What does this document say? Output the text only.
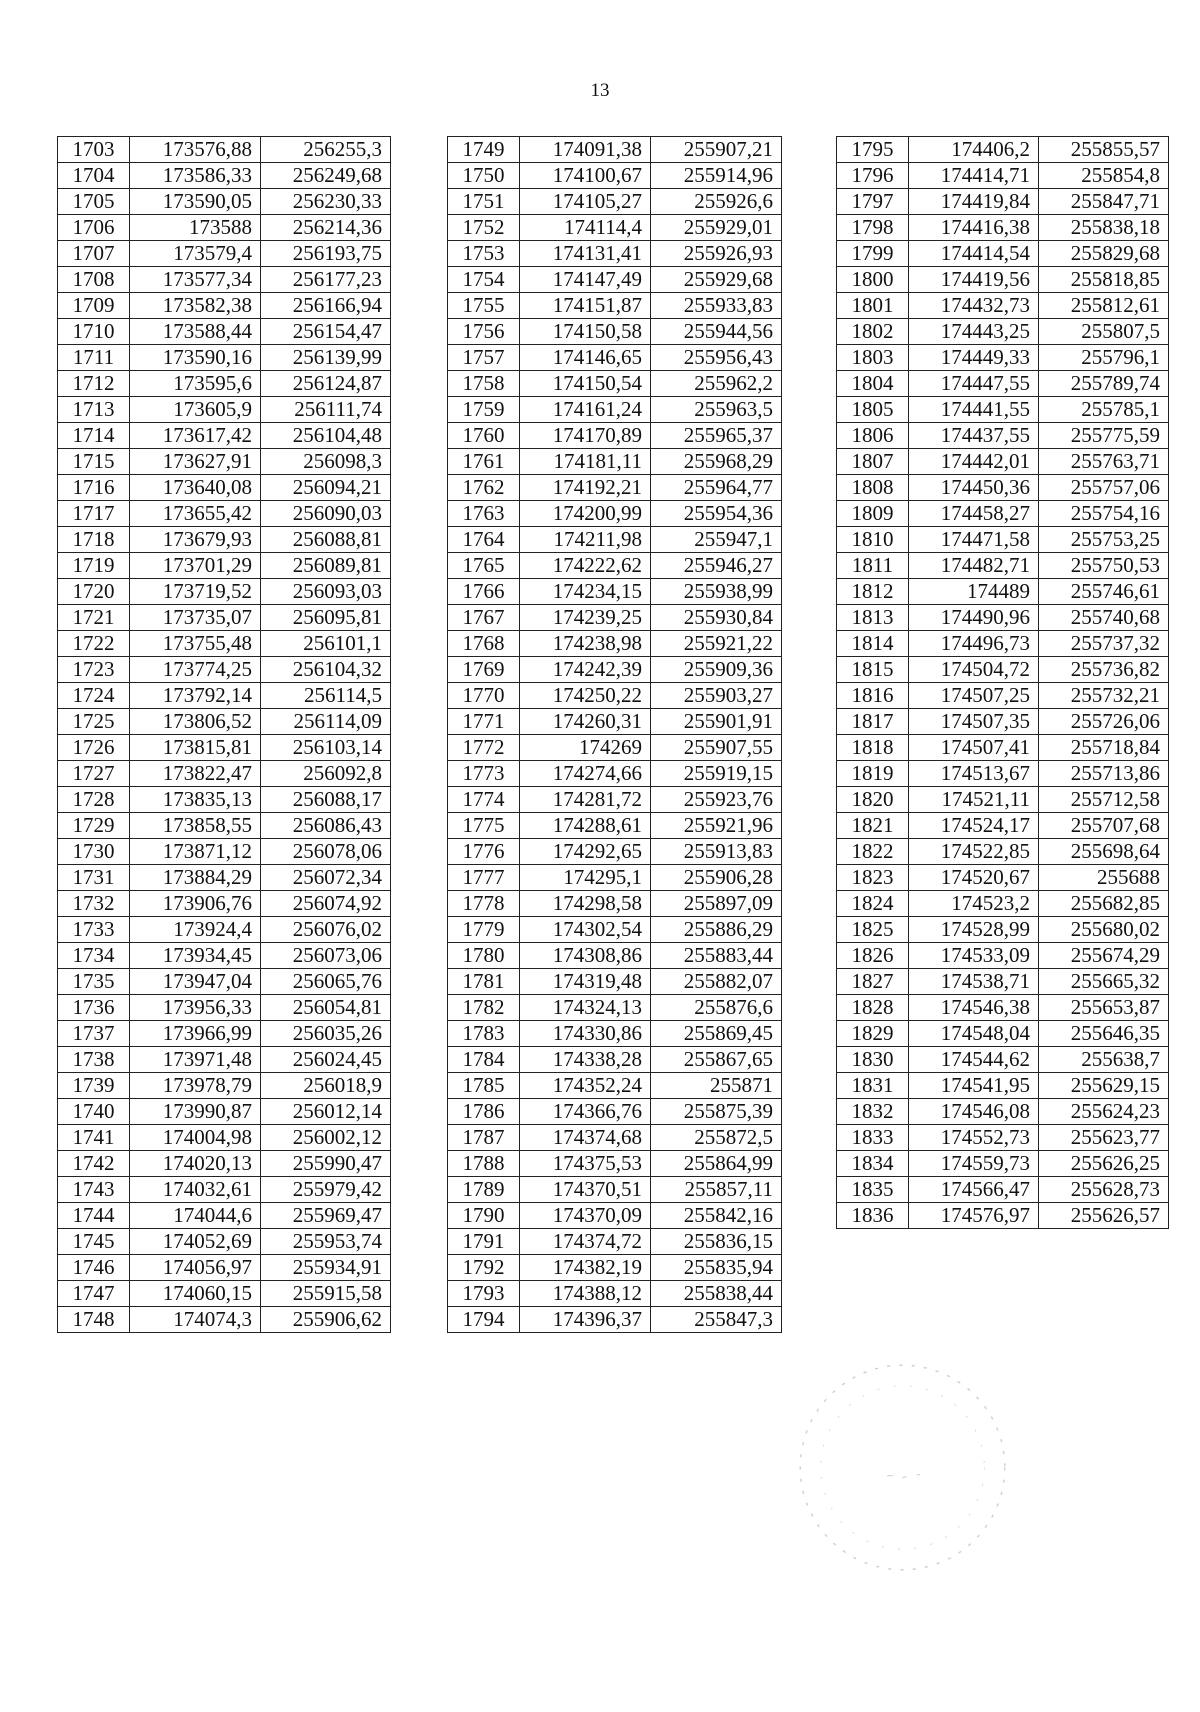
13
1703	173576,88	256255,3
1704	173586,33	256249,68
1705	173590,05	256230,33
1706	173588	256214,36
1707	173579,4	256193,75
1708	173577,34	256177,23
1709	173582,38	256166,94
1710	173588,44	256154,47
1711	173590,16	256139,99
1712	173595,6	256124,87
1713	173605,9	256111,74
1714	173617,42	256104,48
1715	173627,91	256098,3
1716	173640,08	256094,21
1717	173655,42	256090,03
1718	173679,93	256088,81
1719	173701,29	256089,81
1720	173719,52	256093,03
1721	173735,07	256095,81
1722	173755,48	256101,1
1723	173774,25	256104,32
1724	173792,14	256114,5
1725	173806,52	256114,09
1726	173815,81	256103,14
1727	173822,47	256092,8
1728	173835,13	256088,17
1729	173858,55	256086,43
1730	173871,12	256078,06
1731	173884,29	256072,34
1732	173906,76	256074,92
1733	173924,4	256076,02
1734	173934,45	256073,06
1735	173947,04	256065,76
1736	173956,33	256054,81
1737	173966,99	256035,26
1738	173971,48	256024,45
1739	173978,79	256018,9
1740	173990,87	256012,14
1741	174004,98	256002,12
1742	174020,13	255990,47
1743	174032,61	255979,42
1744	174044,6	255969,47
1745	174052,69	255953,74
1746	174056,97	255934,91
1747	174060,15	255915,58
1748	174074,3	255906,62
1749	174091,38	255907,21
1750	174100,67	255914,96
1751	174105,27	255926,6
1752	174114,4	255929,01
1753	174131,41	255926,93
1754	174147,49	255929,68
1755	174151,87	255933,83
1756	174150,58	255944,56
1757	174146,65	255956,43
1758	174150,54	255962,2
1759	174161,24	255963,5
1760	174170,89	255965,37
1761	174181,11	255968,29
1762	174192,21	255964,77
1763	174200,99	255954,36
1764	174211,98	255947,1
1765	174222,62	255946,27
1766	174234,15	255938,99
1767	174239,25	255930,84
1768	174238,98	255921,22
1769	174242,39	255909,36
1770	174250,22	255903,27
1771	174260,31	255901,91
1772	174269	255907,55
1773	174274,66	255919,15
1774	174281,72	255923,76
1775	174288,61	255921,96
1776	174292,65	255913,83
1777	174295,1	255906,28
1778	174298,58	255897,09
1779	174302,54	255886,29
1780	174308,86	255883,44
1781	174319,48	255882,07
1782	174324,13	255876,6
1783	174330,86	255869,45
1784	174338,28	255867,65
1785	174352,24	255871
1786	174366,76	255875,39
1787	174374,68	255872,5
1788	174375,53	255864,99
1789	174370,51	255857,11
1790	174370,09	255842,16
1791	174374,72	255836,15
1792	174382,19	255835,94
1793	174388,12	255838,44
1794	174396,37	255847,3
1795	174406,2	255855,57
1796	174414,71	255854,8
1797	174419,84	255847,71
1798	174416,38	255838,18
1799	174414,54	255829,68
1800	174419,56	255818,85
1801	174432,73	255812,61
1802	174443,25	255807,5
1803	174449,33	255796,1
1804	174447,55	255789,74
1805	174441,55	255785,1
1806	174437,55	255775,59
1807	174442,01	255763,71
1808	174450,36	255757,06
1809	174458,27	255754,16
1810	174471,58	255753,25
1811	174482,71	255750,53
1812	174489	255746,61
1813	174490,96	255740,68
1814	174496,73	255737,32
1815	174504,72	255736,82
1816	174507,25	255732,21
1817	174507,35	255726,06
1818	174507,41	255718,84
1819	174513,67	255713,86
1820	174521,11	255712,58
1821	174524,17	255707,68
1822	174522,85	255698,64
1823	174520,67	255688
1824	174523,2	255682,85
1825	174528,99	255680,02
1826	174533,09	255674,29
1827	174538,71	255665,32
1828	174546,38	255653,87
1829	174548,04	255646,35
1830	174544,62	255638,7
1831	174541,95	255629,15
1832	174546,08	255624,23
1833	174552,73	255623,77
1834	174559,73	255626,25
1835	174566,47	255628,73
1836	174576,97	255626,57
